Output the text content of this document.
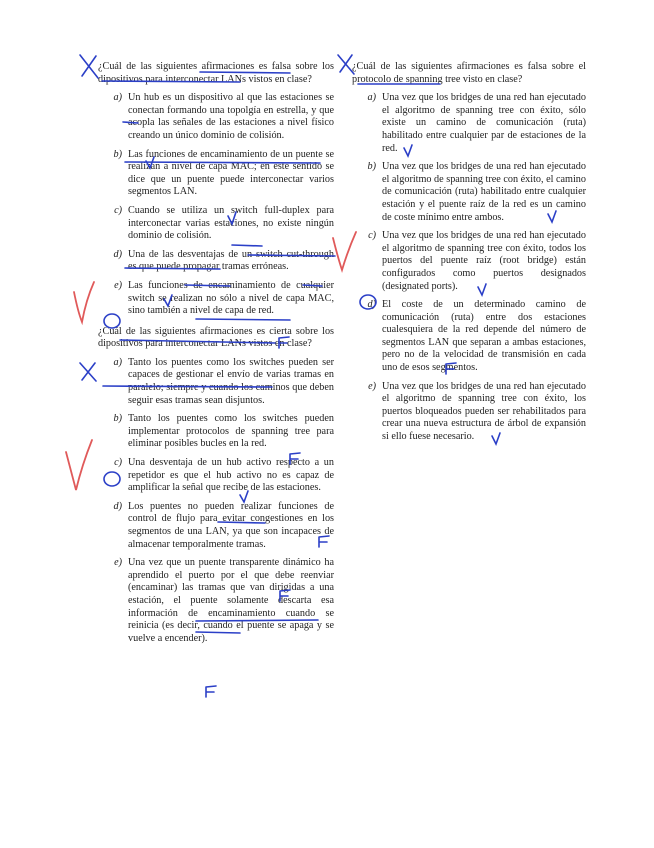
¿Cuál de las siguientes afirmaciones es falsa sobre los dipositivos para interconectar LANs vistos en clase?
a) Un hub es un dispositivo al que las estaciones se conectan formando una topolgía en estrella, y que acopla las señales de las estaciones a nivel físico creando un único dominio de colisión.
b) Las funciones de encaminamiento de un puente se realizan a nivel de capa MAC; en este sentido se dice que un puente puede interconectar varios segmentos LAN.
c) Cuando se utiliza un switch full-duplex para interconectar varias estaciones, no existe ningún dominio de colisión.
d) Una de las desventajas de un switch cut-through es que puede propagar tramas erróneas.
e) Las funciones de encaminamiento de cualquier switch se realizan no sólo a nivel de capa MAC, sino también a nivel de capa de red.
¿Cuál de las siguientes afirmaciones es cierta sobre los dipositivos para interconectar LANs vistos en clase?
a) Tanto los puentes como los switches pueden ser capaces de gestionar el envío de varias tramas en paralelo; siempre y cuando los caminos que deben seguir esas tramas sean disjuntos.
b) Tanto los puentes como los switches pueden implementar protocolos de spanning tree para eliminar posibles bucles en la red.
c) Una desventaja de un hub activo respecto a un repetidor es que el hub activo no es capaz de amplificar la señal que recibe de las estaciones.
d) Los puentes no pueden realizar funciones de control de flujo para evitar congestiones en los segmentos de una LAN, ya que son incapaces de almacenar temporalmente tramas.
e) Una vez que un puente transparente dinámico ha aprendido el puerto por el que debe reenviar (encaminar) las tramas que van dirigidas a una estación, el puente solamente descarta esa información de encaminamiento cuando se reinicia (es decir, cuando el puente se apaga y se vuelve a encender).
¿Cuál de las siguientes afirmaciones es falsa sobre el protocolo de spanning tree visto en clase?
a) Una vez que los bridges de una red han ejecutado el algoritmo de spanning tree con éxito, sólo existe un camino de comunicación (ruta) habilitado entre cualquier par de estaciones de la red.
b) Una vez que los bridges de una red han ejecutado el algoritmo de spanning tree con éxito, el camino de comunicación (ruta) habilitado entre cualquier estación y el puente raíz de la red es un camino de coste mínimo entre ambos.
c) Una vez que los bridges de una red han ejecutado el algoritmo de spanning tree con éxito, todos los puertos del puente raíz (root bridge) están configurados como puertos designados (designated ports).
d) El coste de un determinado camino de comunicación (ruta) entre dos estaciones cualesquiera de la red depende del número de segmentos LAN que separan a ambas estaciones, pero no de la velocidad de transmisión en cada uno de esos segmentos.
e) Una vez que los bridges de una red han ejecutado el algoritmo de spanning tree con éxito, los puertos bloqueados pueden ser rehabilitados para crear una nueva estructura de árbol de expansión si ello fuese necesario.
